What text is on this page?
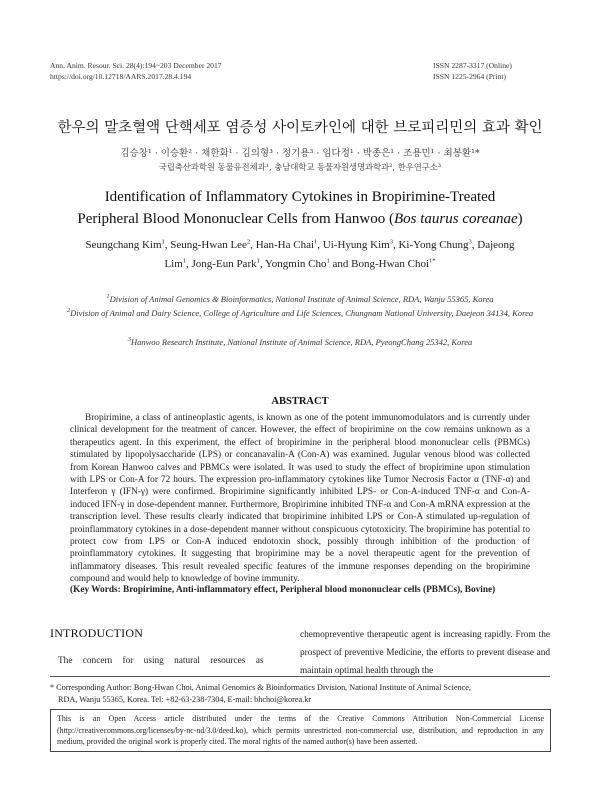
Ann. Anim. Resour. Sci. 28(4):194~203 December 2017
https://doi.org/10.12718/AARS.2017.28.4.194
ISSN 2287-3317 (Online)
ISSN 1225-2964 (Print)
한우의 말초혈액 단핵세포 염증성 사이토카인에 대한 브로피리민의 효과 확인
김승창¹ · 이승환² · 채한화¹ · 김의형³ · 정기용³ · 임다정¹ · 박종은¹ · 조용민¹ · 최봉환¹*
국립축산과학원 동물유전체과¹, 충남대학교 동물자원생명과학과², 한우연구소³
Identification of Inflammatory Cytokines in Bropirimine-Treated
Peripheral Blood Mononuclear Cells from Hanwoo (Bos taurus coreanae)
Seungchang Kim$^1$, Seung-Hwan Lee$^2$, Han-Ha Chai$^1$, Ui-Hyung Kim$^3$, Ki-Yong Chung$^3$, Dajeong
Lim$^1$, Jong-Eun Park$^1$, Yongmin Cho$^1$ and Bong-Hwan Choi$^{1*}$
$^1$Division of Animal Genomics & Bioinformatics, National Institute of Animal Science, RDA, Wanju 55365, Korea
$^2$Division of Animal and Dairy Science, College of Agriculture and Life Sciences, Chungnam National University, Daejeon 34134, Korea
$^3$Hanwoo Research Institute, National Institute of Animal Science, RDA, PyeongChang 25342, Korea
ABSTRACT

Bropirimine, a class of antineoplastic agents, is known as one of the potent immunomodulators and is currently under clinical development for the treatment of cancer. However, the effect of bropirimine on the cow remains unknown as a therapeutics agent. In this experiment, the effect of bropirimine in the peripheral blood mononuclear cells (PBMCs) stimulated by lipopolysaccharide (LPS) or concanavalin-A (Con-A) was examined. Jugular venous blood was collected from Korean Hanwoo calves and PBMCs were isolated. It was used to study the effect of bropirimine upon stimulation with LPS or Con-A for 72 hours. The expression pro-inflammatory cytokines like Tumor Necrosis Factor α (TNF-α) and Interferon γ (IFN-γ) were confirmed. Bropirimine significantly inhibited LPS- or Con-A-induced TNF-α and Con-A-induced IFN-γ in dose-dependent manner. Furthermore, Bropirimine inhibited TNF-α and Con-A mRNA expression at the transcription level. These results clearly indicated that bropirimine inhibited LPS or Con-A stimulated up-regulation of proinflammatory cytokines in a dose-dependent manner without conspicuous cytotoxicity. The bropirimine has potential to protect cow from LPS or Con-A induced endotoxin shock, possibly through inhibition of the production of proinflammatory cytokines. It suggesting that bropirimine may be a novel therapeutic agent for the prevention of inflammatory diseases. This result revealed specific features of the immune responses depending on the bropirimine compound and would help to knowledge of bovine immunity.

(Key Words: Bropirimine, Anti-inflammatory effect, Peripheral blood mononuclear cells (PBMCs), Bovine)
INTRODUCTION
The concern for using natural resources as
chemopreventive therapeutic agent is increasing rapidly. From the prospect of preventive Medicine, the efforts to prevent disease and maintain optimal health through the
* Corresponding Author: Bong-Hwan Choi, Animal Genomics & Bioinformatics Division, National Institute of Animal Science,
RDA, Wanju 55365, Korea. Tel: +82-63-238-7304, E-mail: bhchoi@korea.kr
This is an Open Access article distributed under the terms of the Creative Commons Attribution Non-Commercial License (http://creativecommons.org/licenses/by-nc-nd/3.0/deed.ko), which permits unrestricted non-commercial use, distribution, and reproduction in any medium, provided the original work is properly cited. The moral rights of the named author(s) have been asserted.
